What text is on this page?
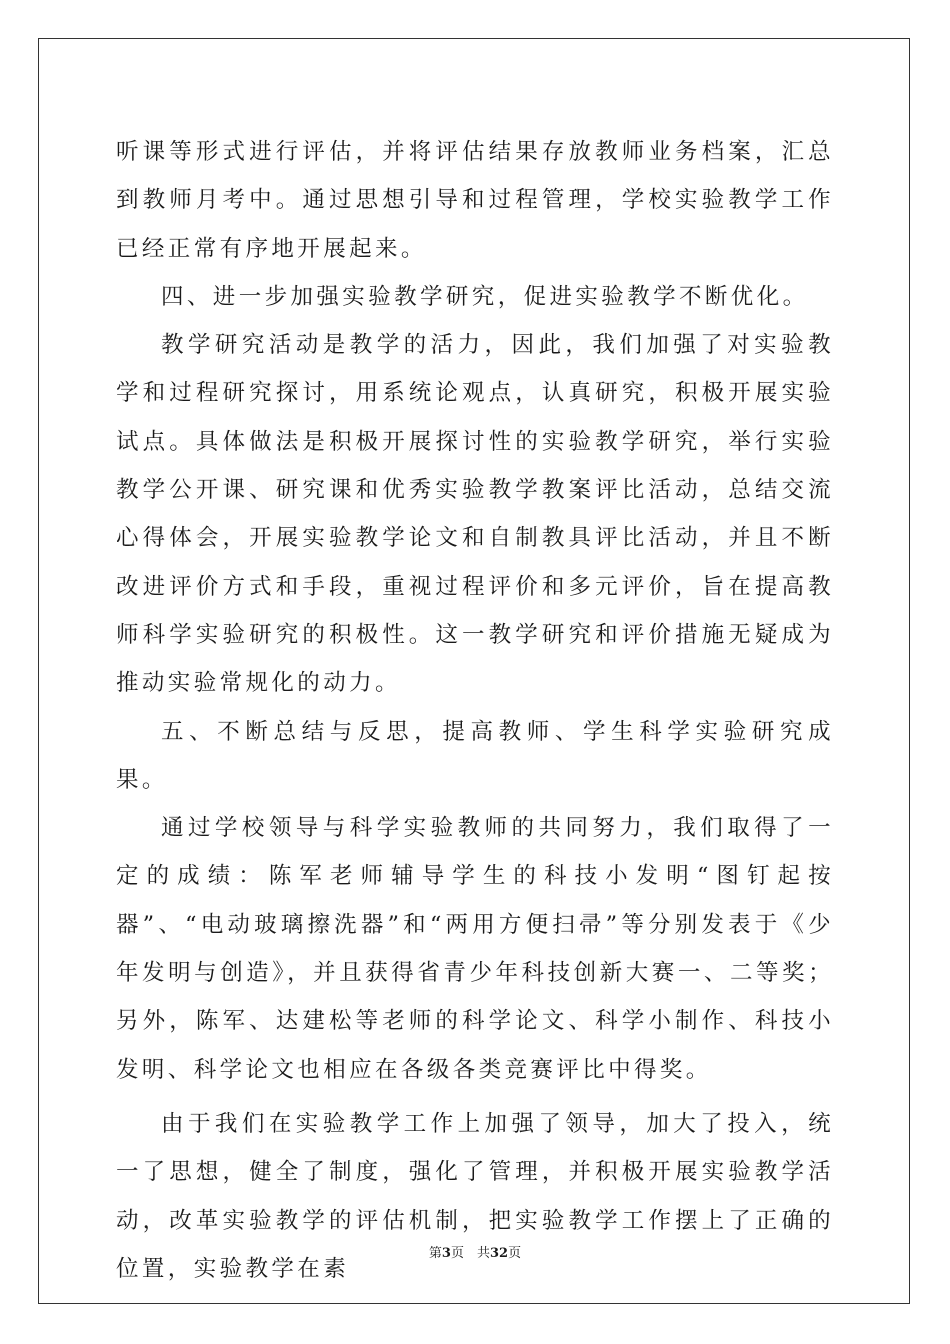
听课等形式进行评估，并将评估结果存放教师业务档案，汇总到教师月考中。通过思想引导和过程管理，学校实验教学工作已经正常有序地开展起来。

四、进一步加强实验教学研究，促进实验教学不断优化。

教学研究活动是教学的活力，因此，我们加强了对实验教学和过程研究探讨，用系统论观点，认真研究，积极开展实验试点。具体做法是积极开展探讨性的实验教学研究，举行实验教学公开课、研究课和优秀实验教学教案评比活动，总结交流心得体会，开展实验教学论文和自制教具评比活动，并且不断改进评价方式和手段，重视过程评价和多元评价，旨在提高教师科学实验研究的积极性。这一教学研究和评价措施无疑成为推动实验常规化的动力。

五、不断总结与反思，提高教师、学生科学实验研究成果。

通过学校领导与科学实验教师的共同努力，我们取得了一定的成绩：陈军老师辅导学生的科技小发明“图钉起按器”、“电动玻璃擦洗器”和“两用方便扫帚”等分别发表于《少年发明与创造》，并且获得省青少年科技创新大赛一、二等奖；另外，陈军、达建松等老师的科学论文、科学小制作、科技小发明、科学论文也相应在各级各类竞赛评比中得奖。

由于我们在实验教学工作上加强了领导，加大了投入，统一了思想，健全了制度，强化了管理，并积极开展实验教学活动，改革实验教学的评估机制，把实验教学工作摆上了正确的位置，实验教学在素

第3页　共32页
